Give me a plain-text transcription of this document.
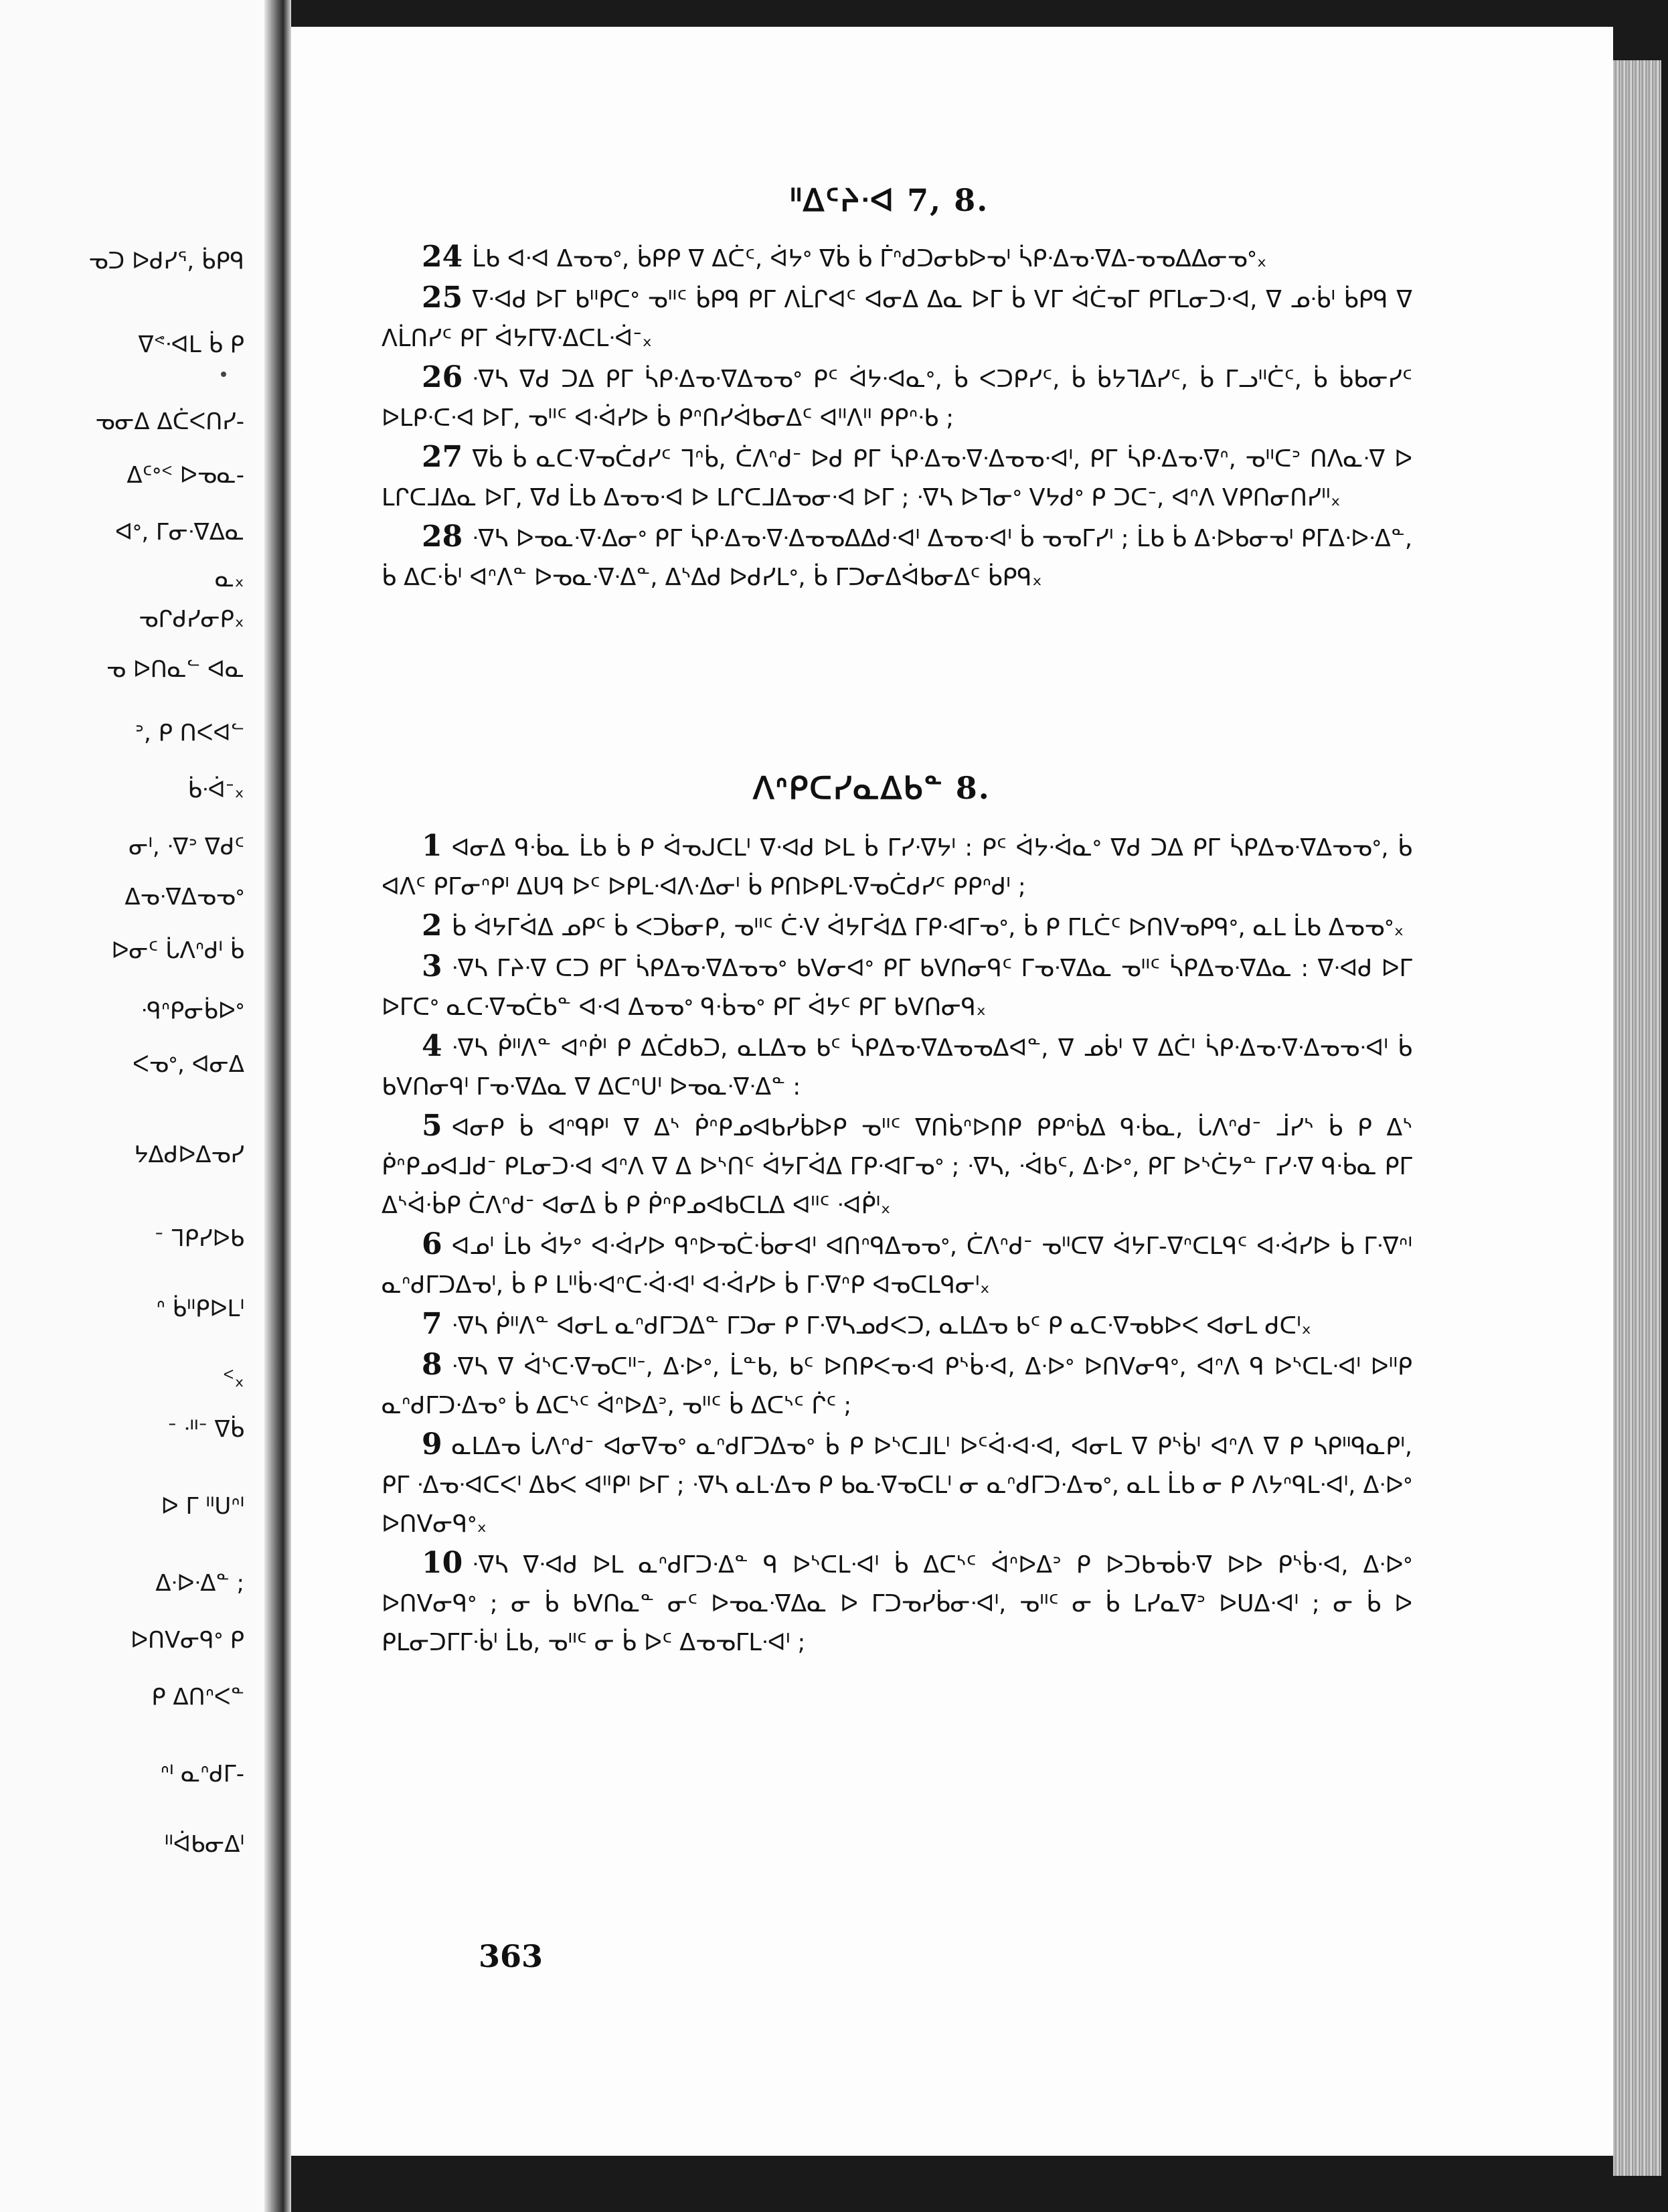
ᓀᑐ ᐅᑯᓯᕐ, ᑳᑭᑫ
ᐁᕝᐧᐊᒪ ᑳ ᑭ
ᓀᓂᐃ ᐃᑖᐸᑎᓯ-
ᐃᑦᐤᑉ ᐅᓀᓇ-
ᐊᐤ, ᒥᓂᐧᐁᐃᓇ
ᓇₓ
ᓀᒋᑯᓯᓂᑭₓ
ᓀ ᐅᑎᓇᓪ ᐊᓇ
ᐣ, ᑭ ᑎᐸᐊᓪ
ᑳᐧᐋᐨₓ
ᓂᑊ, ᐧᐁᐣ ᐁᑯᑦ
ᐃᓀᐧᐁᐃᓀᓀᐤ
ᐅᓂᑦ ᒑᐱᐢᑯᑊ ᑳ
ᐧᑫᐢᑭᓂᑳᐅᐤ
ᐸᓀᐤ, ᐊᓂᐃ
ᔭᐃᑯᐅᐃᓀᓯ
ᐨ ᒣᑭᓯᐅᑲ
ᐢ ᑳᐦᑭᐅᒪᑊ
ᑉₓ
ᐨ ᐧᐦᐨ ᐁᑳ
ᐅ ᒥ ᐦᑌᐢᑊ
ᐃᐧᐅᐧᐃᓐ ;
ᐅᑎᐯᓂᑫᐤ ᑭ
ᑭ ᐃᑎᐢᐸᓐ
ᐢᑊ ᓇᐢᑯᒥ-
ᐦᐋᑲᓂᐃᑊ
ᐦᐃᑦᔨᐧᐊ 7, 8.

24 ᒫᑲ ᐊᐧᐊ ᐃᓀᓀᐤ, ᑳᑭᑭ ᐁ ᐃᑖᑦ, ᐋᔭᐤ ᐁᑳ ᑳ ᒦᐢᑯᑐᓂᑲᐅᓀᑊ ᓵᑭᐧᐃᓀᐧᐁᐃ-ᓀᓀᐃᐃᓂᓀᐤₓ

25 ᐁᐧᐊᑯ ᐅᒥ ᑲᐦᑭᑕᐤ ᓀᐦᑦ ᑳᑭᑫ ᑭᒥ ᐱᒫᒋᐊᑦ ᐊᓂᐃ ᐃᓇ ᐅᒥ ᑳ ᐯᒥ ᐋᑖᓀᒥ ᑭᒥᒪᓂᑐᐧᐊ, ᐁ ᓄᐧᑳᑊ ᑳᑭᑫ ᐁ ᐱᒫᑎᓯᑦ ᑭᒥ ᐋᔭᒥᐁᐧᐃᑕᒪᐧᐋᐨₓ

26 ᐧᐁᓴ ᐁᑯ ᑐᐃ ᑭᒥ ᓵᑭᐧᐃᓀᐧᐁᐃᓀᓀᐤ ᑭᑦ ᐋᔭᐧᐊᓇᐤ, ᑳ ᐸᑐᑭᓯᑦ, ᑳ ᑳᔭᒣᐃᓯᑦ, ᑳ ᒥᓗᐦᑖᑦ, ᑳ ᑳᑲᓂᓯᑦ ᐅᒪᑭᐧᑕᐧᐊ ᐅᒥ, ᓀᐦᑦ ᐊᐧᐋᓯᐅ ᑳ ᑭᐢᑎᓯᐋᑲᓂᐃᑦ ᐊᐦᐱᐦ ᑭᑭᐢᐧᑲ ;

27 ᐁᑳ ᑳ ᓇᑕᐧᐁᓀᑖᑯᓯᑦ ᒣᐢᑳ, ᑖᐱᐢᑯᐨ ᐅᑯ ᑭᒥ ᓵᑭᐧᐃᓀᐧᐁᐧᐃᓀᓀᐧᐊᑊ, ᑭᒥ ᓵᑭᐧᐃᓀᐧᐁᐢ, ᓀᐦᑕᐣ ᑎᐱᓇᐧᐁ ᐅ ᒪᒋᑕᒧᐃᓇ ᐅᒥ, ᐁᑯ ᒫᑲ ᐃᓀᓀᐧᐊ ᐅ ᒪᒋᑕᒧᐃᓀᓂᐧᐊ ᐅᒥ ; ᐧᐁᓴ ᐅᒣᓂᐤ ᐯᔭᑯᐤ ᑭ ᑐᑕᐨ, ᐊᐢᐱ ᐯᑭᑎᓂᑎᓯᐦₓ

28 ᐧᐁᓴ ᐅᓀᓇᐧᐁᐧᐃᓂᐤ ᑭᒥ ᓵᑭᐧᐃᓀᐧᐁᐧᐃᓀᓀᐃᐃᑯᐧᐊᑊ ᐃᓀᓀᐧᐊᑊ ᑳ ᓀᓀᒥᓯᑊ ; ᒫᑲ ᑳ ᐃᐧᐅᑲᓂᓀᑊ ᑭᒥᐃᐧᐅᐧᐃᓐ, ᑳ ᐃᑕᐧᑳᑊ ᐊᐢᐱᓐ ᐅᓀᓇᐧᐁᐧᐃᓐ, ᐃᔅᐃᑯ ᐅᑯᓯᒪᐤ, ᑳ ᒥᑐᓂᐃᐋᑲᓂᐃᑦ ᑳᑭᑫₓ

ᐱᐢᑭᑕᓯᓇᐃᑲᓐ 8.

1 ᐊᓂᐃ ᑫᐧᑳᓇ ᒫᑲ ᑳ ᑭ ᐋᓀᒍᑕᒪᑊ ᐁᐧᐊᑯ ᐅᒪ ᑳ ᒥᓯᐧᐁᔭᑊ : ᑭᑦ ᐋᔭᐧᐋᓇᐤ ᐁᑯ ᑐᐃ ᑭᒥ ᓵᑭᐃᓀᐧᐁᐃᓀᓀᐤ, ᑳ ᐊᐱᑦ ᑭᒥᓂᐢᑭᑊ ᐃᑌᑫ ᐅᑦ ᐅᑭᒪᐧᐊᐱᐧᐃᓂᑊ ᑳ ᑭᑎᐅᑭᒪᐧᐁᓀᑖᑯᓯᑦ ᑭᑭᐢᑯᑊ ;

2 ᑳ ᐋᔭᒥᐋᐃ ᓄᑭᑦ ᑳ ᐸᑐᑳᓂᑭ, ᓀᐦᑦ ᑖᐧᐯ ᐋᔭᒥᐋᐃ ᒥᑭᐧᐊᒥᓀᐤ, ᑳ ᑭ ᒥᒪᑖᑦ ᐅᑎᐯᓀᑭᑫᐤ, ᓇᒪ ᒫᑲ ᐃᓀᓀᐤₓ

3 ᐧᐁᓴ ᒥᔨᐧᐁ ᑕᑐ ᑭᒥ ᓵᑭᐃᓀᐧᐁᐃᓀᓀᐤ ᑲᐯᓂᐊᐤ ᑭᒥ ᑲᐯᑎᓂᑫᑦ ᒥᓀᐧᐁᐃᓇ ᓀᐦᑦ ᓵᑭᐃᓀᐧᐁᐃᓇ : ᐁᐧᐊᑯ ᐅᒥ ᐅᒥᑕᐤ ᓇᑕᐧᐁᓀᑖᑲᓐ ᐊᐧᐊ ᐃᓀᓀᐤ ᑫᐧᑳᓀᐤ ᑭᒥ ᐋᔭᑦ ᑭᒥ ᑲᐯᑎᓂᑫₓ

4 ᐧᐁᓴ ᑮᐦᐱᓐ ᐊᐢᑮᑊ ᑭ ᐃᑖᑯᑲᑐ, ᓇᒪᐃᓀ ᑲᑦ ᓵᑭᐃᓀᐧᐁᐃᓀᓀᐃᐊᓐ, ᐁ ᓄᑳᑊ ᐁ ᐃᑖᑊ ᓵᑭᐧᐃᓀᐧᐁᐧᐃᓀᓀᐧᐊᑊ ᑳ ᑲᐯᑎᓂᑫᑊ ᒥᓀᐧᐁᐃᓇ ᐁ ᐃᑕᐢᑌᑊ ᐅᓀᓇᐧᐁᐧᐃᓐ :

5 ᐊᓂᑭ ᑳ ᐊᐢᑫᑭᑊ ᐁ ᐃᔅ ᑮᐢᑭᓄᐊᑲᓯᑳᐅᑭ ᓀᐦᑦ ᐁᑎᑳᐢᐅᑎᑭ ᑭᑭᐢᑳᐃ ᑫᐧᑳᓇ, ᒑᐱᐢᑯᐨ ᒨᓯᔅ ᑳ ᑭ ᐃᔅ ᑮᐢᑭᓄᐊᒧᑯᐨ ᑭᒪᓂᑐᐧᐊ ᐊᐢᐱ ᐁ ᐃ ᐅᔅᑎᑦ ᐋᔭᒥᐋᐃ ᒥᑭᐧᐊᒥᓀᐤ ; ᐧᐁᓴ, ᐧᐋᑲᑦ, ᐃᐧᐅᐤ, ᑭᒥ ᐅᔅᑖᔭᓐ ᒥᓯᐧᐁ ᑫᐧᑳᓇ ᑭᒥ ᐃᔅᐋᐧᑳᑭ ᑖᐱᐢᑯᐨ ᐊᓂᐃ ᑳ ᑭ ᑮᐢᑭᓄᐊᑲᑕᒪᐃ ᐊᐦᑦ ᐧᐊᑮᑊₓ

6 ᐊᓄᑊ ᒫᑲ ᐋᔭᐤ ᐊᐧᐋᓯᐅ ᑫᐢᐅᓀᑖᐧᑳᓂᐊᑊ ᐊᑎᐢᑫᐃᓀᓀᐤ, ᑖᐱᐢᑯᐨ ᓀᐦᑕᐁ ᐋᔭᒥ-ᐁᐢᑕᒪᑫᑦ ᐊᐧᐋᓯᐅ ᑳ ᒥᐧᐁᐢᑊ ᓇᐢᑯᒥᑐᐃᓀᑊ, ᑳ ᑭ ᒪᐦᑳᐧᐊᐢᑕᐧᐋᐧᐊᑊ ᐊᐧᐋᓯᐅ ᑳ ᒥᐧᐁᐢᑭ ᐊᓀᑕᒪᑫᓂᑊₓ

7 ᐧᐁᓴ ᑮᐦᐱᓐ ᐊᓂᒪ ᓇᐢᑯᒥᑐᐃᓐ ᒥᑐᓂ ᑭ ᒥᐧᐁᓴᓄᑯᐸᑐ, ᓇᒪᐃᓀ ᑲᑦ ᑭ ᓇᑕᐧᐁᓀᑲᐅᐸ ᐊᓂᒪ ᑯᑕᑊₓ

8 ᐧᐁᓴ ᐁ ᐋᔅᑕᐧᐁᓀᑕᐦᐨ, ᐃᐧᐅᐤ, ᒫᓐᑲ, ᑲᑦ ᐅᑎᑭᐸᓀᐧᐊ ᑭᔅᑳᐧᐊ, ᐃᐧᐅᐤ ᐅᑎᐯᓂᑫᐤ, ᐊᐢᐱ ᑫ ᐅᔅᑕᒪᐧᐊᑊ ᐅᐦᑭ ᓇᐢᑯᒥᑐᐧᐃᓀᐤ ᑳ ᐃᑕᔅᑦ ᐋᐢᐅᐃᐣ, ᓀᐦᑦ ᑳ ᐃᑕᔅᑦ ᒌᑦ ;

9 ᓇᒪᐃᓀ ᒑᐱᐢᑯᐨ ᐊᓂᐁᓀᐤ ᓇᐢᑯᒥᑐᐃᓀᐤ ᑳ ᑭ ᐅᔅᑕᒧᒪᑊ ᐅᑦᐋᐧᐊᐧᐊ, ᐊᓂᒪ ᐁ ᑭᔅᑳᑊ ᐊᐢᐱ ᐁ ᑭ ᓴᑭᐦᑫᓇᑭᑊ, ᑭᒥ ᐧᐃᓀᐧᐊᑕᐸᑊ ᐃᑲᐸ ᐊᐦᑭᑊ ᐅᒥ ; ᐧᐁᓴ ᓇᒪᐧᐃᓀ ᑭ ᑲᓇᐧᐁᓀᑕᒪᑊ ᓂ ᓇᐢᑯᒥᑐᐧᐃᓀᐤ, ᓇᒪ ᒫᑲ ᓂ ᑭ ᐱᔭᐢᑫᒪᐧᐊᑊ, ᐃᐧᐅᐤ ᐅᑎᐯᓂᑫᐤₓ

10 ᐧᐁᓴ ᐁᐧᐊᑯ ᐅᒪ ᓇᐢᑯᒥᑐᐧᐃᓐ ᑫ ᐅᔅᑕᒪᐧᐊᑊ ᑳ ᐃᑕᔅᑦ ᐋᐢᐅᐃᐣ ᑭ ᐅᑐᑲᓀᑳᐧᐁ ᐅᐅ ᑭᔅᑳᐧᐊ, ᐃᐧᐅᐤ ᐅᑎᐯᓂᑫᐤ ; ᓂ ᑳ ᑲᐯᑎᓇᓐ ᓂᑦ ᐅᓀᓇᐧᐁᐃᓇ ᐅ ᒥᑐᓀᓯᑳᓂᐧᐊᑊ, ᓀᐦᑦ ᓂ ᑳ ᒪᓯᓇᐁᐣ ᐅᑌᐃᐧᐊᑊ ; ᓂ ᑳ ᐅ ᑭᒪᓂᑐᒥᒥᐧᑳᑊ ᒫᑲ, ᓀᐦᑦ ᓂ ᑳ ᐅᑦ ᐃᓀᓀᒥᒪᐧᐊᑊ ;

363
